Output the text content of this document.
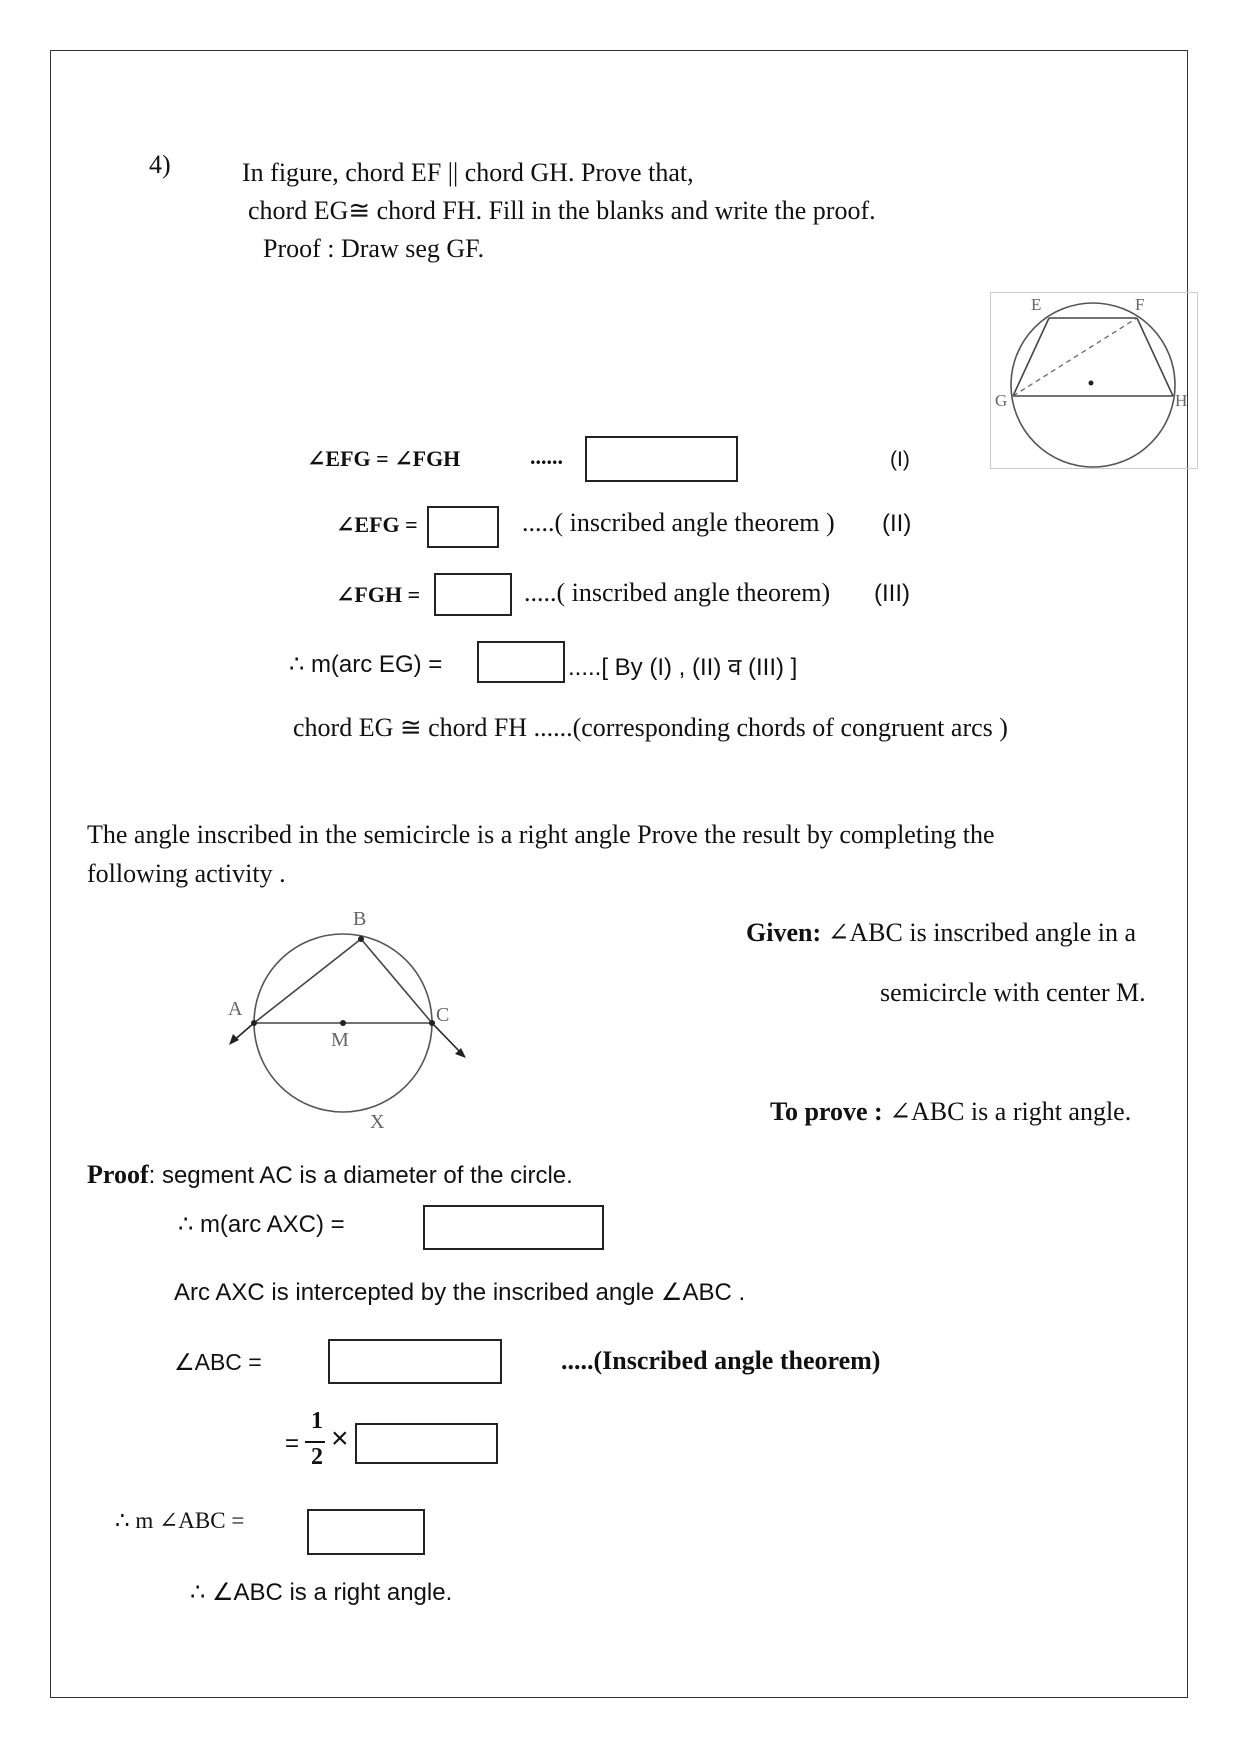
4)	In figure, chord EF || chord GH. Prove that,
chord EG≅ chord FH. Fill in the blanks and write the proof.
Proof : Draw seg GF.
E	F
G	H
∠EFG = ∠FGH	......	(I)
∠EFG =	.....( inscribed angle theorem ) (II)
∠FGH =	.....( inscribed angle theorem) (III)
∴ m(arc EG) =	.....[ By (I) , (II) व (III) ]
chord EG ≅ chord FH ......(corresponding chords of congruent arcs )
The angle inscribed in the semicircle is a right angle Prove the result by completing the
following activity .
B
A	C
M
X
Given: ∠ABC is inscribed angle in a
semicircle with center M.
To prove : ∠ABC is a right angle.
Proof: segment AC is a diameter of the circle.
∴ m(arc AXC) =
Arc AXC is intercepted by the inscribed angle ∠ABC .
∠ABC =	.....(Inscribed angle theorem)
=
1
2
×
∴ m ∠ABC =
∴ ∠ABC is a right angle.
